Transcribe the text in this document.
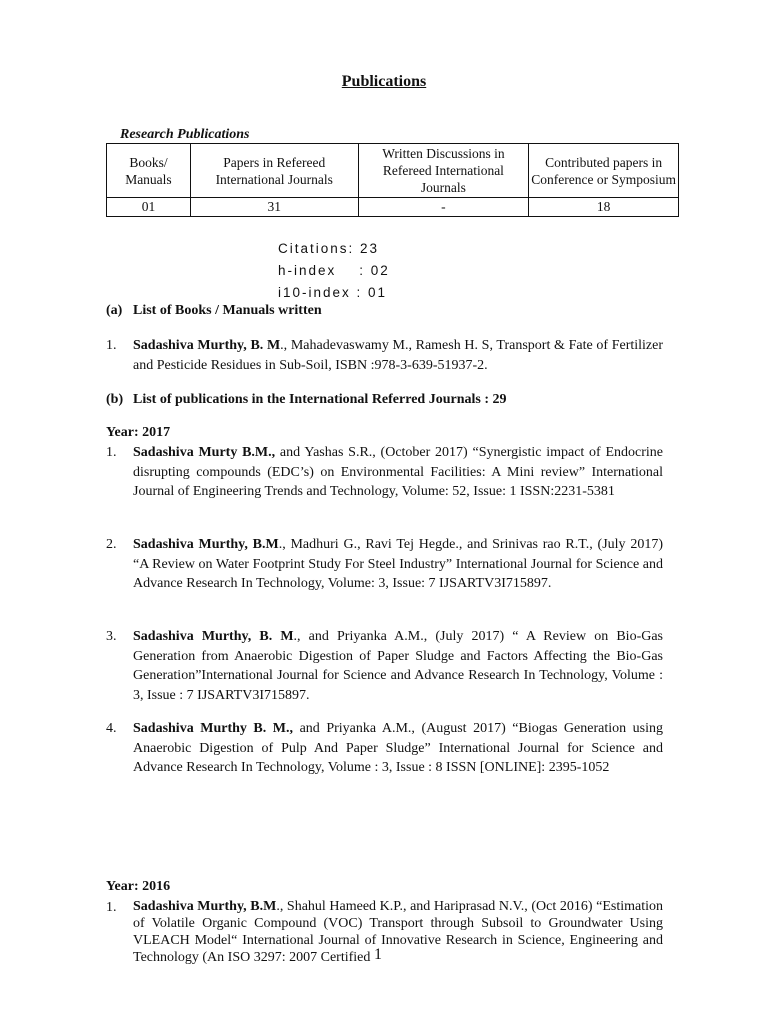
Publications
Research Publications
Books/ Manuals	Papers in Refereed International Journals	Written Discussions in Refereed International Journals	Contributed papers in Conference or Symposium
01	31	-	18
Citations: 23
h-index    : 02
i10-index : 01
(a) List of Books / Manuals written
1. Sadashiva Murthy, B. M., Mahadevaswamy M., Ramesh H. S, Transport & Fate of Fertilizer and Pesticide Residues in Sub-Soil, ISBN :978-3-639-51937-2.
(b) List of publications in the International Referred Journals : 29
Year: 2017
1. Sadashiva Murty B.M., and Yashas S.R., (October 2017) “Synergistic impact of Endocrine disrupting compounds (EDC’s) on Environmental Facilities: A Mini review” International Journal of Engineering Trends and Technology, Volume: 52, Issue: 1 ISSN:2231-5381
2. Sadashiva Murthy, B.M., Madhuri G., Ravi Tej Hegde., and Srinivas rao R.T., (July 2017) “A Review on Water Footprint Study For Steel Industry” International Journal for Science and Advance Research In Technology, Volume: 3, Issue: 7 IJSARTV3I715897.
3. Sadashiva Murthy, B. M., and Priyanka A.M., (July 2017) “ A Review on Bio-Gas Generation from Anaerobic Digestion of Paper Sludge and Factors Affecting the Bio-Gas Generation”International Journal for Science and Advance Research In Technology, Volume : 3, Issue : 7 IJSARTV3I715897.
4. Sadashiva Murthy B. M., and Priyanka A.M., (August 2017) “Biogas Generation using Anaerobic Digestion of Pulp And Paper Sludge” International Journal for Science and Advance Research In Technology, Volume : 3, Issue : 8 ISSN [ONLINE]: 2395-1052
Year: 2016
1. Sadashiva Murthy, B.M., Shahul Hameed K.P., and Hariprasad N.V., (Oct 2016) “Estimation of Volatile Organic Compound (VOC) Transport through Subsoil to Groundwater Using VLEACH Model“ International Journal of Innovative Research in Science, Engineering and Technology (An ISO 3297: 2007 Certified 1
